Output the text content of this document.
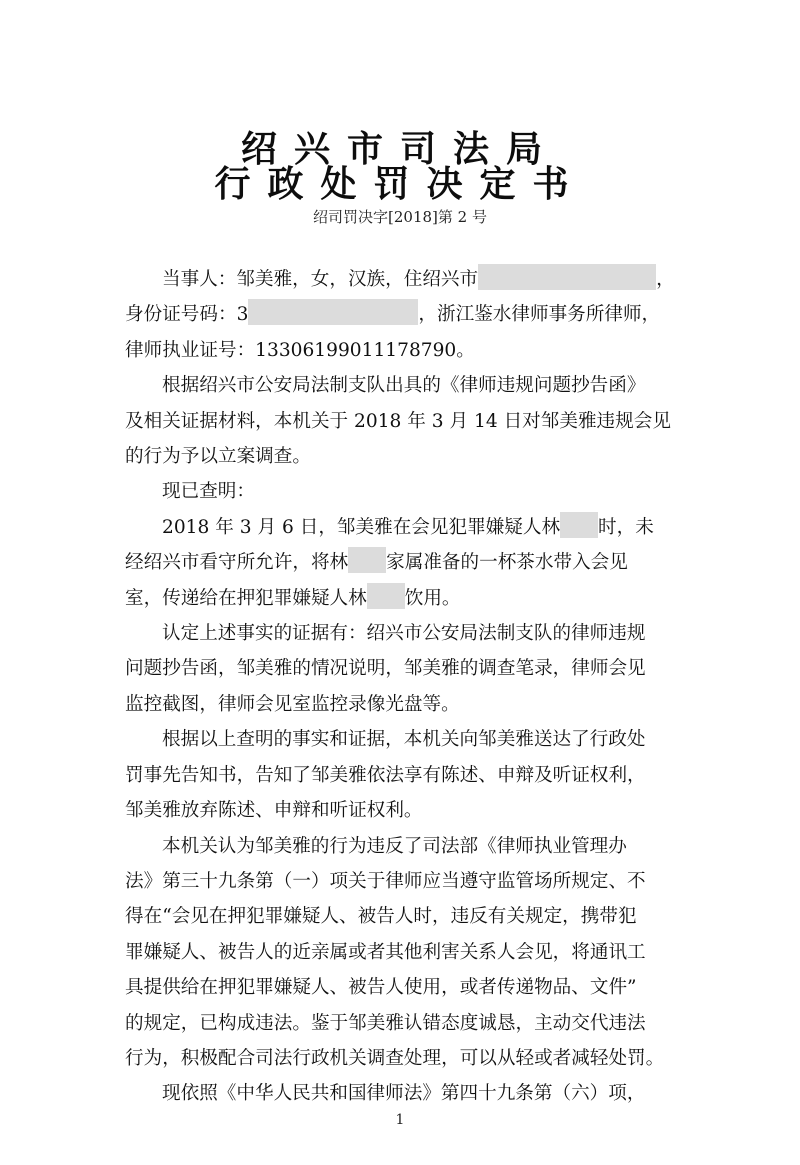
绍兴市司法局
行政处罚决定书
绍司罚决字[2018]第 2 号

当事人：邹美雅，女，汉族，住绍兴市	，

身份证号码：3	，浙江鉴水律师事务所律师，

律师执业证号：13306199011178790。

根据绍兴市公安局法制支队出具的《律师违规问题抄告函》

及相关证据材料，本机关于 2018 年 3 月 14 日对邹美雅违规会见

的行为予以立案调查。

现已查明：

2018 年 3 月 6 日，邹美雅在会见犯罪嫌疑人林 时，未

经绍兴市看守所允许，将林 家属准备的一杯茶水带入会见

室，传递给在押犯罪嫌疑人林 饮用。

认定上述事实的证据有：绍兴市公安局法制支队的律师违规

问题抄告函，邹美雅的情况说明，邹美雅的调查笔录，律师会见

监控截图，律师会见室监控录像光盘等。

根据以上查明的事实和证据，本机关向邹美雅送达了行政处

罚事先告知书，告知了邹美雅依法享有陈述、申辩及听证权利，

邹美雅放弃陈述、申辩和听证权利。

本机关认为邹美雅的行为违反了司法部《律师执业管理办

法》第三十九条第（一）项关于律师应当遵守监管场所规定、不

得在“会见在押犯罪嫌疑人、被告人时，违反有关规定，携带犯

罪嫌疑人、被告人的近亲属或者其他利害关系人会见，将通讯工

具提供给在押犯罪嫌疑人、被告人使用，或者传递物品、文件”

的规定，已构成违法。鉴于邹美雅认错态度诚恳，主动交代违法

行为，积极配合司法行政机关调查处理，可以从轻或者减轻处罚。

现依照《中华人民共和国律师法》第四十九条第（六）项，

1
